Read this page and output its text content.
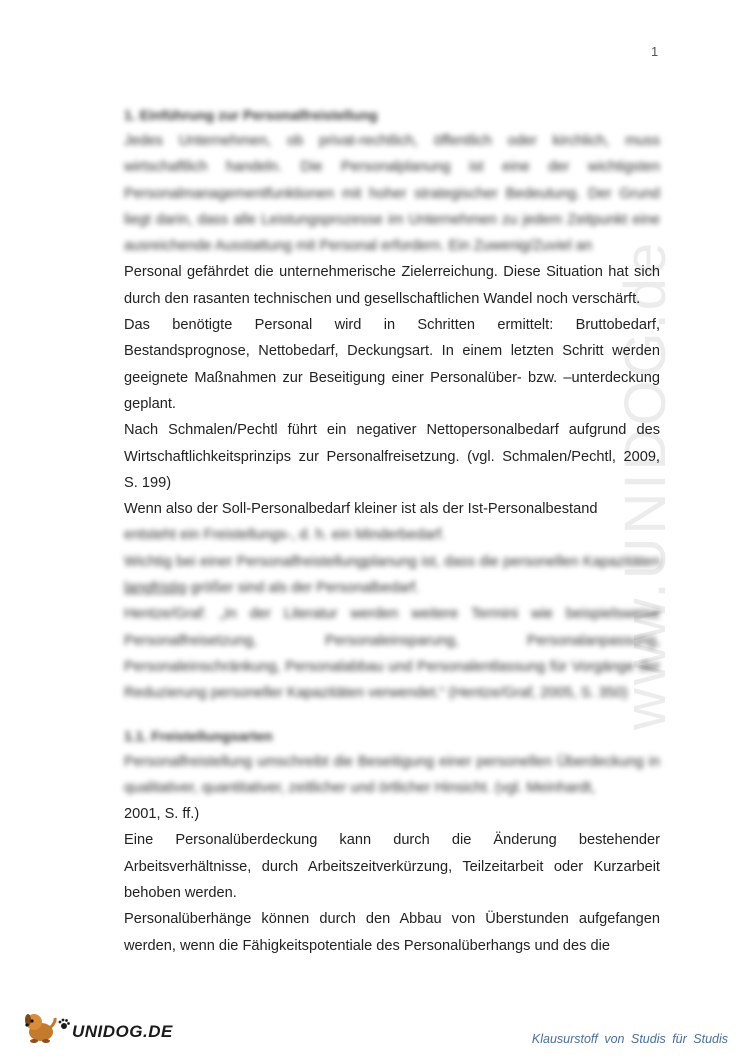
1
www.UNIDOG.de
1. Einführung zur Personalfreistellung

Jedes Unternehmen, ob privat-rechtlich, öffentlich oder kirchlich, muss wirtschaftlich handeln. Die Personalplanung ist eine der wichtigsten Personalmanagementfunktionen mit hoher strategischer Bedeutung. Der Grund liegt darin, dass alle Leistungsprozesse im Unternehmen zu jedem Zeitpunkt eine ausreichende Ausstattung mit Personal erfordern. Ein Zuwenig/Zuviel an

Personal gefährdet die unternehmerische Zielerreichung. Diese Situation hat sich durch den rasanten technischen und gesellschaftlichen Wandel noch verschärft.

Das benötigte Personal wird in Schritten ermittelt: Bruttobedarf, Bestandsprognose, Nettobedarf, Deckungsart. In einem letzten Schritt werden geeignete Maßnahmen zur Beseitigung einer Personalüber- bzw. –unterdeckung geplant.

Nach Schmalen/Pechtl führt ein negativer Nettopersonalbedarf aufgrund des Wirtschaftlichkeitsprinzips zur Personalfreisetzung. (vgl. Schmalen/Pechtl, 2009, S. 199)

Wenn also der Soll-Personalbedarf kleiner ist als der Ist-Personalbestand

entsteht ein Freistellungs-, d. h. ein Minderbedarf.

Wichtig bei einer Personalfreistellungplanung ist, dass die personellen Kapazitäten langfristig größer sind als der Personalbedarf.

Hentze/Graf: „In der Literatur werden weitere Termini wie beispielsweise Personalfreisetzung, Personaleinsparung, Personalanpassung, Personaleinschränkung, Personalabbau und Personalentlassung für Vorgänge der Reduzierung personeller Kapazitäten verwendet.“ (Hentze/Graf, 2005, S. 350)

1.1. Freistellungsarten

Personalfreistellung umschreibt die Beseitigung einer personellen Überdeckung in qualitativer, quantitativer, zeitlicher und örtlicher Hinsicht. (vgl. Meinhardt,

2001, S. ff.)

Eine Personalüberdeckung kann durch die Änderung bestehender Arbeitsverhältnisse, durch Arbeitszeitverkürzung, Teilzeitarbeit oder Kurzarbeit behoben werden.

Personalüberhänge können durch den Abbau von Überstunden aufgefangen werden, wenn die Fähigkeitspotentiale des Personalüberhangs und des die

UNIDOG.DE	Klausurstoff von Studis für Studis
